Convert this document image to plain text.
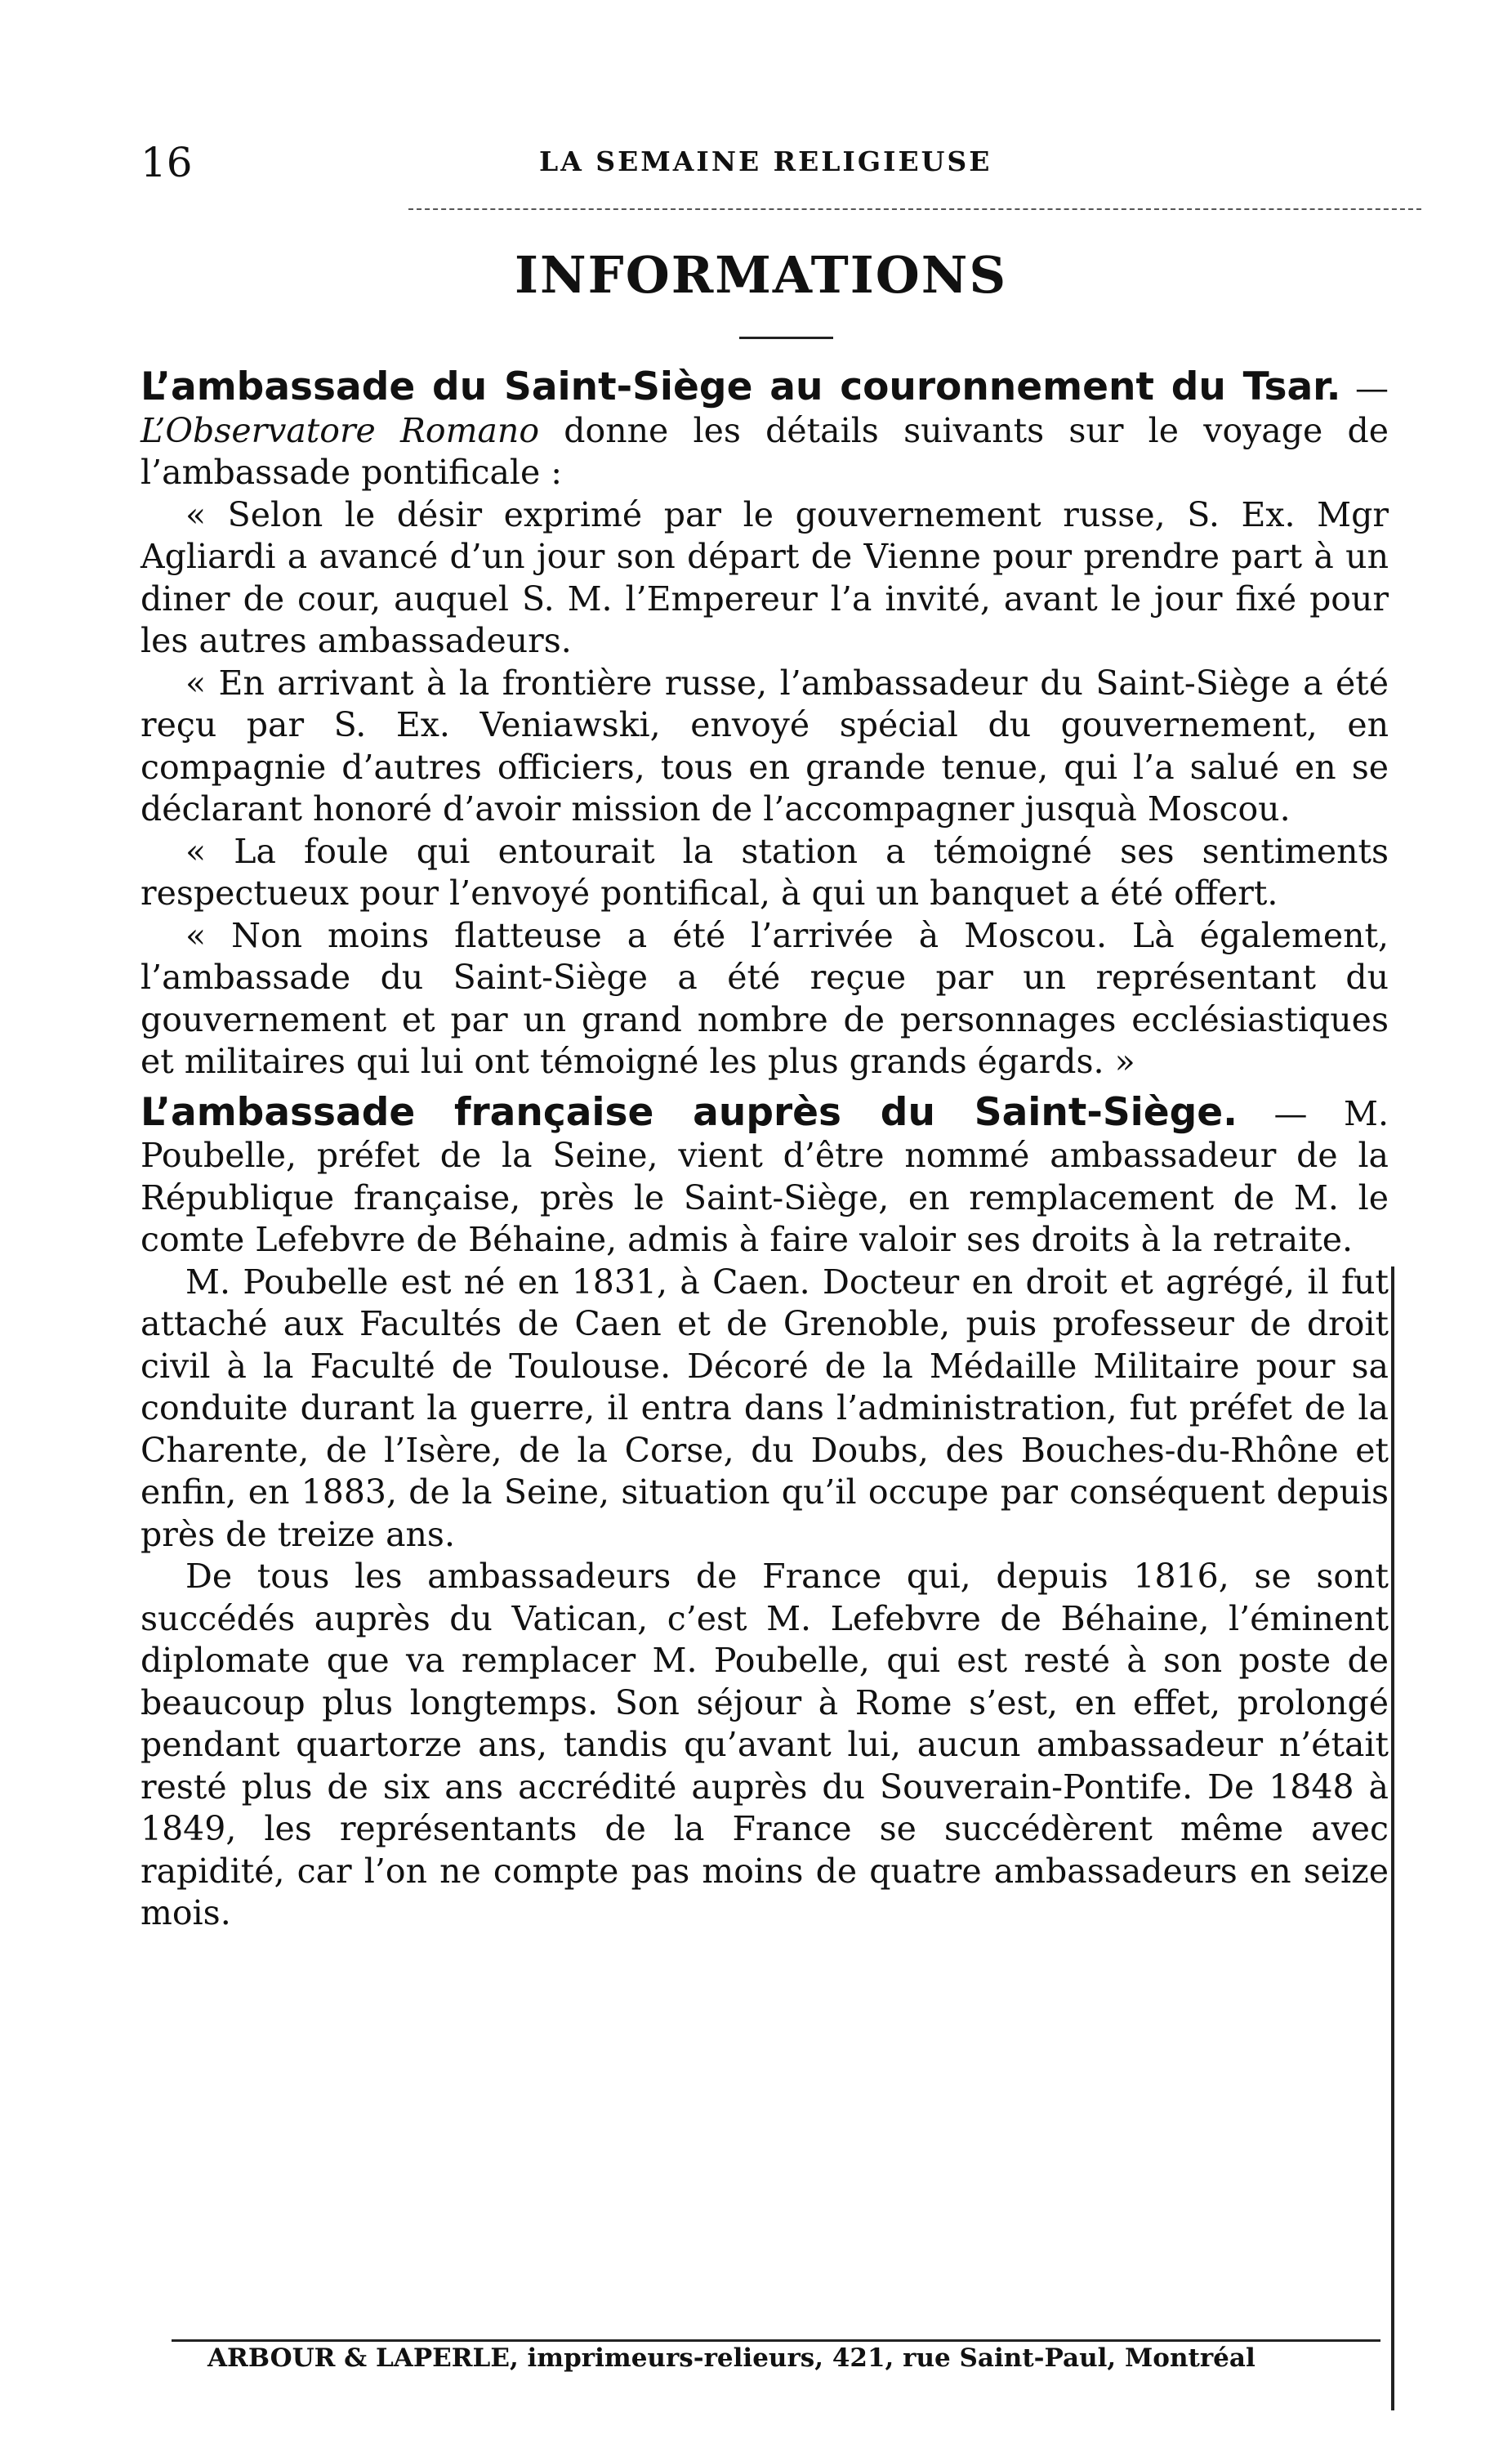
16	LA SEMAINE RELIGIEUSE
INFORMATIONS

L’ambassade du Saint-Siège au couronnement du Tsar. — L’Observatore Romano donne les détails suivants sur le voyage de l’ambassade pontificale :

« Selon le désir exprimé par le gouvernement russe, S. Ex. Mgr Agliardi a avancé d’un jour son départ de Vienne pour prendre part à un diner de cour, auquel S. M. l’Empereur l’a invité, avant le jour fixé pour les autres ambassadeurs.

« En arrivant à la frontière russe, l’ambassadeur du Saint-Siège a été reçu par S. Ex. Veniawski, envoyé spécial du gouvernement, en compagnie d’autres officiers, tous en grande tenue, qui l’a salué en se déclarant honoré d’avoir mission de l’accompagner jusquà Moscou.

« La foule qui entourait la station a témoigné ses sentiments respectueux pour l’envoyé pontifical, à qui un banquet a été offert.

« Non moins flatteuse a été l’arrivée à Moscou. Là également, l’ambassade du Saint-Siège a été reçue par un représentant du gouvernement et par un grand nombre de personnages ecclésiastiques et militaires qui lui ont témoigné les plus grands égards. »

L’ambassade française auprès du Saint-Siège. — M. Poubelle, préfet de la Seine, vient d’être nommé ambassadeur de la République française, près le Saint-Siège, en remplacement de M. le comte Lefebvre de Béhaine, admis à faire valoir ses droits à la retraite.

M. Poubelle est né en 1831, à Caen. Docteur en droit et agrégé, il fut attaché aux Facultés de Caen et de Grenoble, puis professeur de droit civil à la Faculté de Toulouse. Décoré de la Médaille Militaire pour sa conduite durant la guerre, il entra dans l’administration, fut préfet de la Charente, de l’Isère, de la Corse, du Doubs, des Bouches-du-Rhône et enfin, en 1883, de la Seine, situation qu’il occupe par conséquent depuis près de treize ans.

De tous les ambassadeurs de France qui, depuis 1816, se sont succédés auprès du Vatican, c’est M. Lefebvre de Béhaine, l’éminent diplomate que va remplacer M. Poubelle, qui est resté à son poste de beaucoup plus longtemps. Son séjour à Rome s’est, en effet, prolongé pendant quartorze ans, tandis qu’avant lui, aucun ambassadeur n’était resté plus de six ans accrédité auprès du Souverain-Pontife. De 1848 à 1849, les représentants de la France se succédèrent même avec rapidité, car l’on ne compte pas moins de quatre ambassadeurs en seize mois.

ARBOUR & LAPERLE, imprimeurs-relieurs, 421, rue Saint-Paul, Montréal
